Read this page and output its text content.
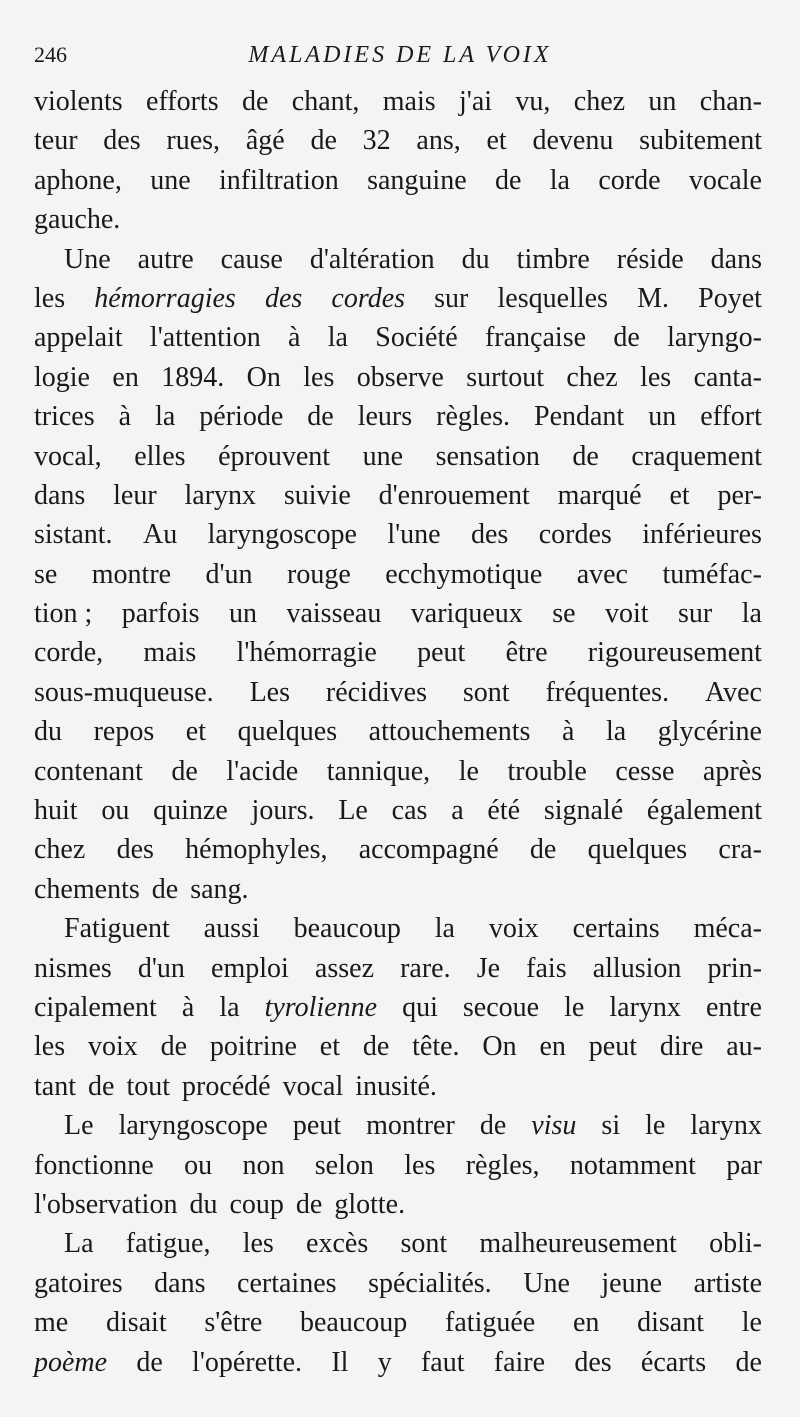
246	MALADIES DE LA VOIX
violents efforts de chant, mais j'ai vu, chez un chan-
teur des rues, âgé de 32 ans, et devenu subitement
aphone, une infiltration sanguine de la corde vocale
gauche.
Une autre cause d'altération du timbre réside dans
les hémorragies des cordes sur lesquelles M. Poyet
appelait l'attention à la Société française de laryngo-
logie en 1894. On les observe surtout chez les canta-
trices à la période de leurs règles. Pendant un effort
vocal, elles éprouvent une sensation de craquement
dans leur larynx suivie d'enrouement marqué et per-
sistant. Au laryngoscope l'une des cordes inférieures
se montre d'un rouge ecchymotique avec tuméfac-
tion ; parfois un vaisseau variqueux se voit sur la
corde, mais l'hémorragie peut être rigoureusement
sous-muqueuse. Les récidives sont fréquentes. Avec
du repos et quelques attouchements à la glycérine
contenant de l'acide tannique, le trouble cesse après
huit ou quinze jours. Le cas a été signalé également
chez des hémophyles, accompagné de quelques cra-
chements de sang.
Fatiguent aussi beaucoup la voix certains méca-
nismes d'un emploi assez rare. Je fais allusion prin-
cipalement à la tyrolienne qui secoue le larynx entre
les voix de poitrine et de tête. On en peut dire au-
tant de tout procédé vocal inusité.
Le laryngoscope peut montrer de visu si le larynx
fonctionne ou non selon les règles, notamment par
l'observation du coup de glotte.
La fatigue, les excès sont malheureusement obli-
gatoires dans certaines spécialités. Une jeune artiste
me disait s'être beaucoup fatiguée en disant le
poème de l'opérette. Il y faut faire des écarts de
